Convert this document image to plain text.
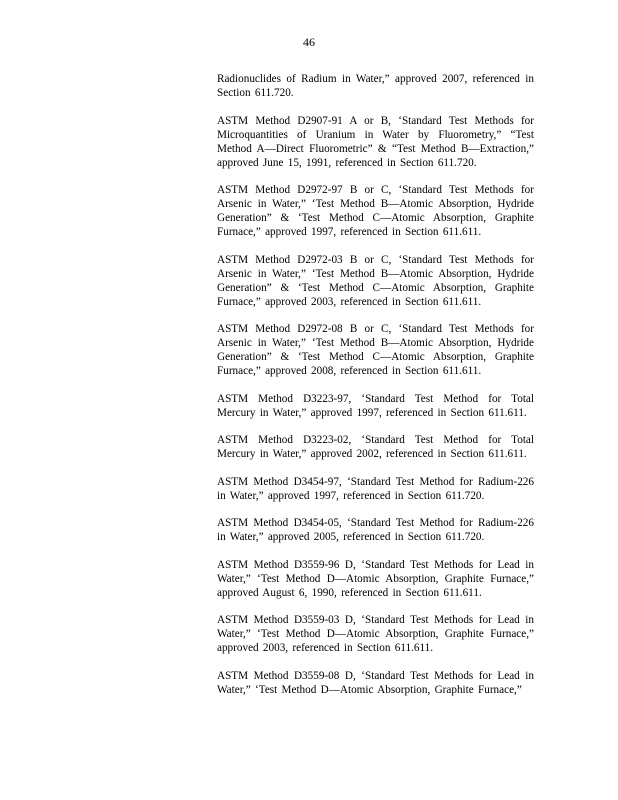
46

Radionuclides of Radium in Water,” approved 2007, referenced in Section 611.720.

ASTM Method D2907-91 A or B, ‘Standard Test Methods for Microquantities of Uranium in Water by Fluorometry,” “Test Method A—Direct Fluorometric” & “Test Method B—Extraction,” approved June 15, 1991, referenced in Section 611.720.

ASTM Method D2972-97 B or C, ‘Standard Test Methods for Arsenic in Water,” ‘Test Method B—Atomic Absorption, Hydride Generation” & ‘Test Method C—Atomic Absorption, Graphite Furnace,” approved 1997, referenced in Section 611.611.

ASTM Method D2972-03 B or C, ‘Standard Test Methods for Arsenic in Water,” ‘Test Method B—Atomic Absorption, Hydride Generation” & ‘Test Method C—Atomic Absorption, Graphite Furnace,” approved 2003, referenced in Section 611.611.

ASTM Method D2972-08 B or C, ‘Standard Test Methods for Arsenic in Water,” ‘Test Method B—Atomic Absorption, Hydride Generation” & ‘Test Method C—Atomic Absorption, Graphite Furnace,” approved 2008, referenced in Section 611.611.

ASTM Method D3223-97, ‘Standard Test Method for Total Mercury in Water,” approved 1997, referenced in Section 611.611.

ASTM Method D3223-02, ‘Standard Test Method for Total Mercury in Water,” approved 2002, referenced in Section 611.611.

ASTM Method D3454-97, ‘Standard Test Method for Radium-226 in Water,” approved 1997, referenced in Section 611.720.

ASTM Method D3454-05, ‘Standard Test Method for Radium-226 in Water,” approved 2005, referenced in Section 611.720.

ASTM Method D3559-96 D, ‘Standard Test Methods for Lead in Water,” ‘Test Method D—Atomic Absorption, Graphite Furnace,” approved August 6, 1990, referenced in Section 611.611.

ASTM Method D3559-03 D, ‘Standard Test Methods for Lead in Water,” ‘Test Method D—Atomic Absorption, Graphite Furnace,” approved 2003, referenced in Section 611.611.

ASTM Method D3559-08 D, ‘Standard Test Methods for Lead in Water,” ‘Test Method D—Atomic Absorption, Graphite Furnace,”
